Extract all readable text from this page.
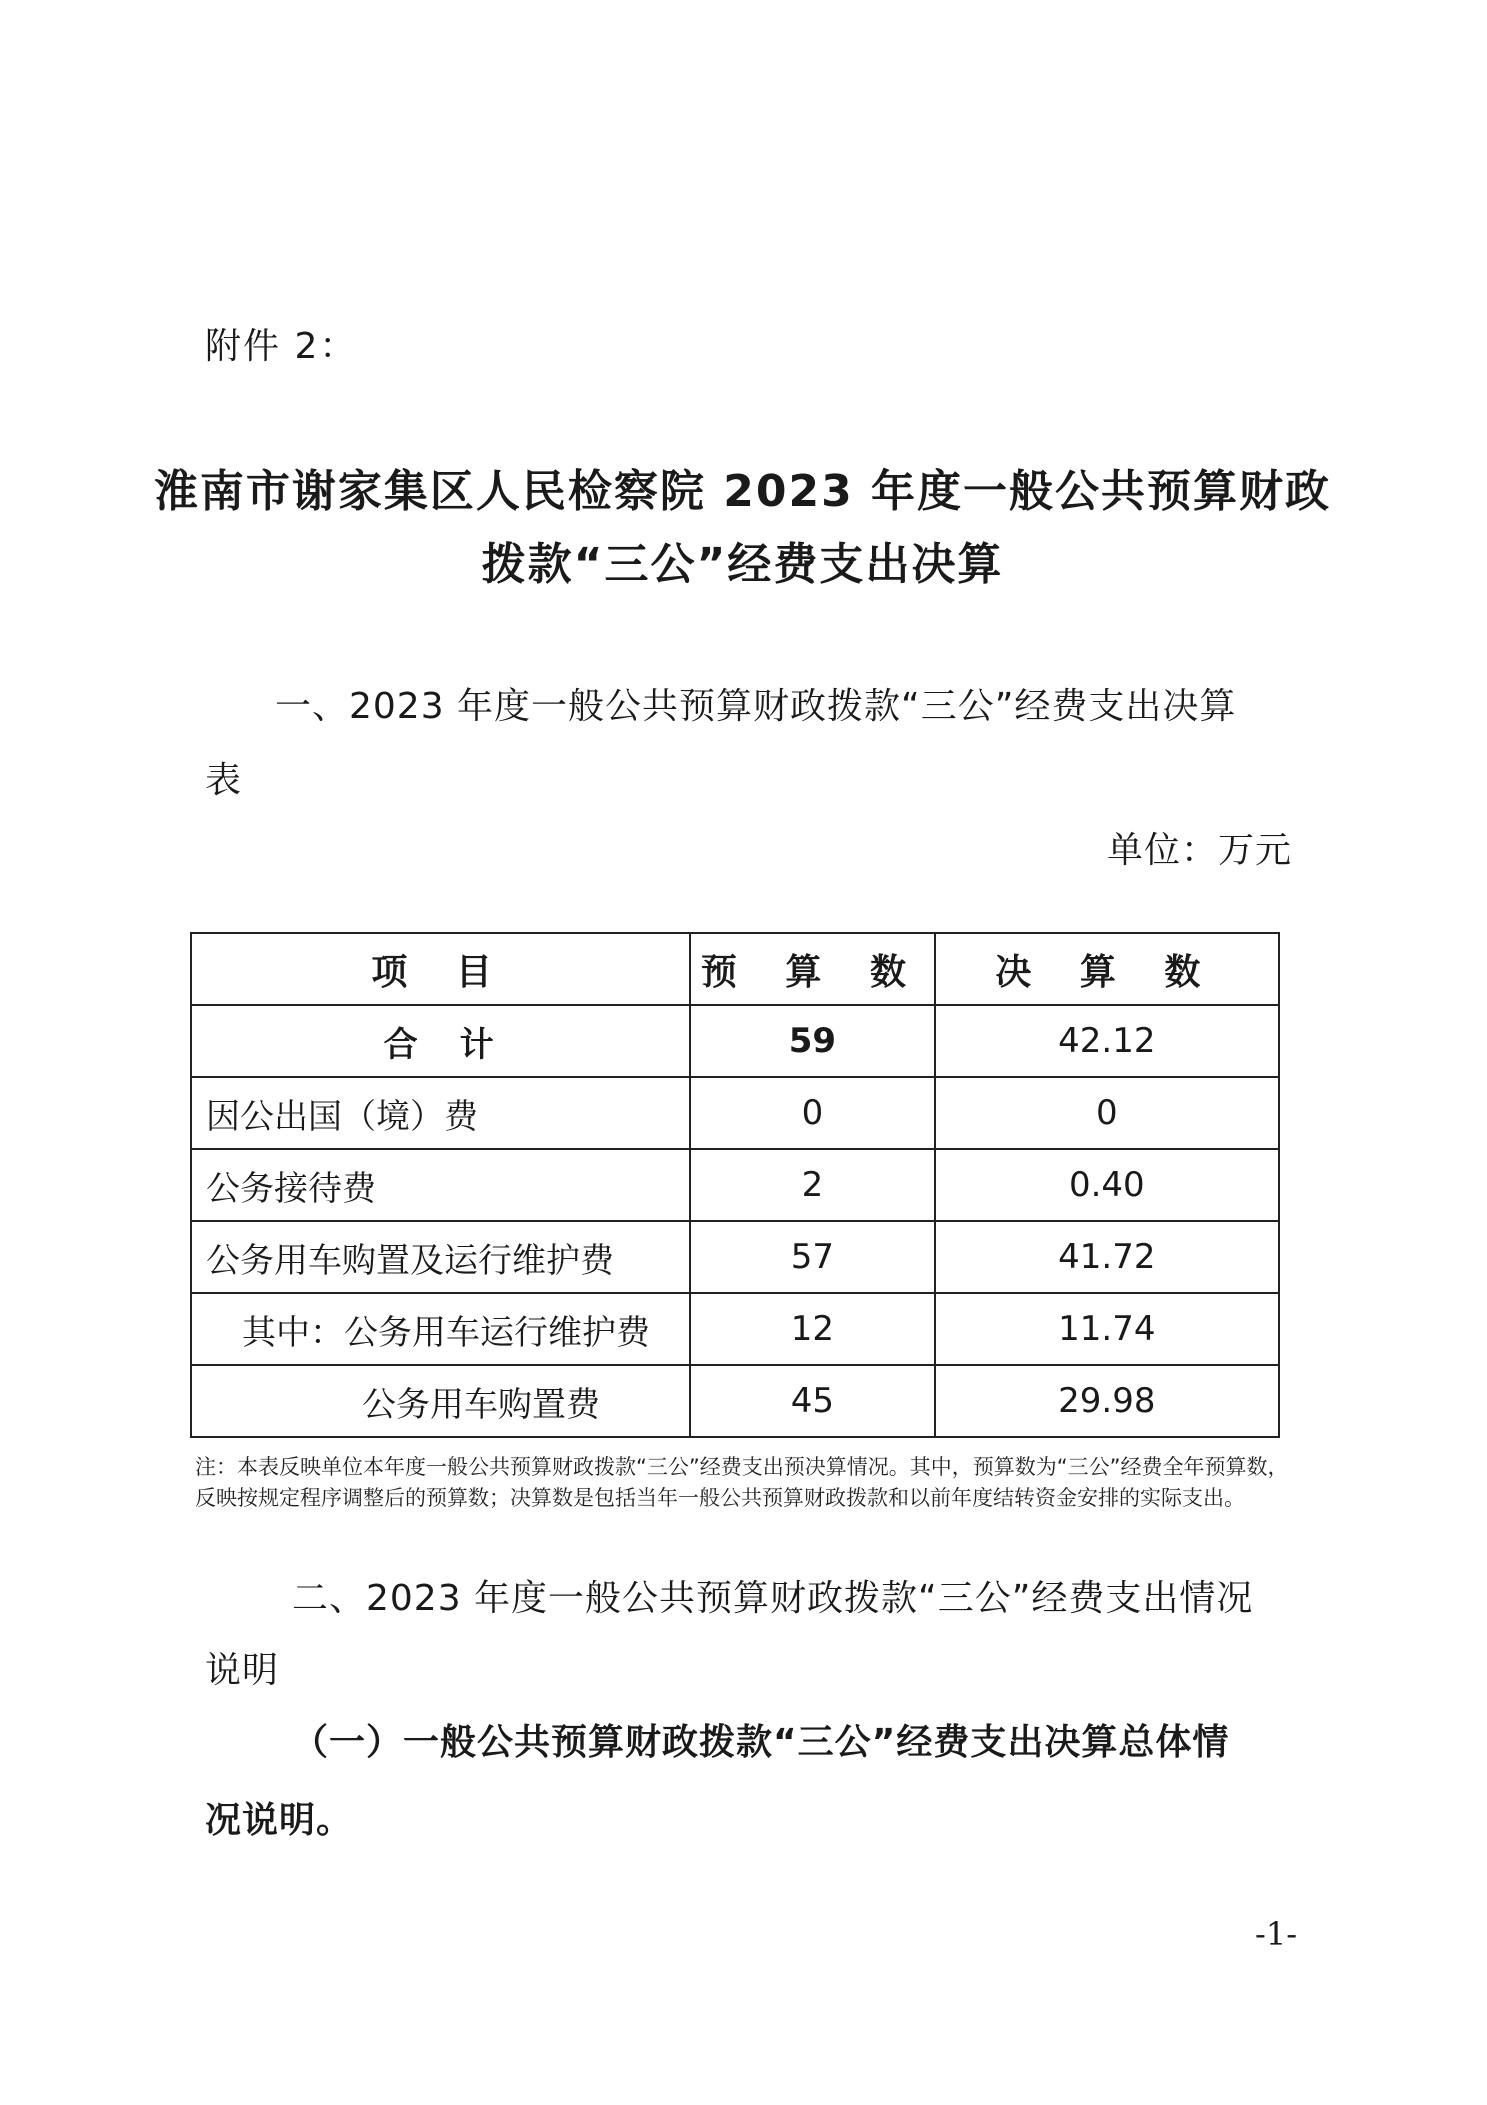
附件 2：
淮南市谢家集区人民检察院 2023 年度一般公共预算财政
拨款“三公”经费支出决算
一、2023 年度一般公共预算财政拨款“三公”经费支出决算
表
单位：万元
项 目	预 算 数	决 算 数
合　计	59	42.12
因公出国（境）费	0	0
公务接待费	2	0.40
公务用车购置及运行维护费	57	41.72
其中：公务用车运行维护费	12	11.74
公务用车购置费	45	29.98
注：本表反映单位本年度一般公共预算财政拨款“三公”经费支出预决算情况。其中，预算数为“三公”经费全年预算数，反映按规定程序调整后的预算数；决算数是包括当年一般公共预算财政拨款和以前年度结转资金安排的实际支出。
二、2023 年度一般公共预算财政拨款“三公”经费支出情况
说明
（一）一般公共预算财政拨款“三公”经费支出决算总体情
况说明。
-1-
